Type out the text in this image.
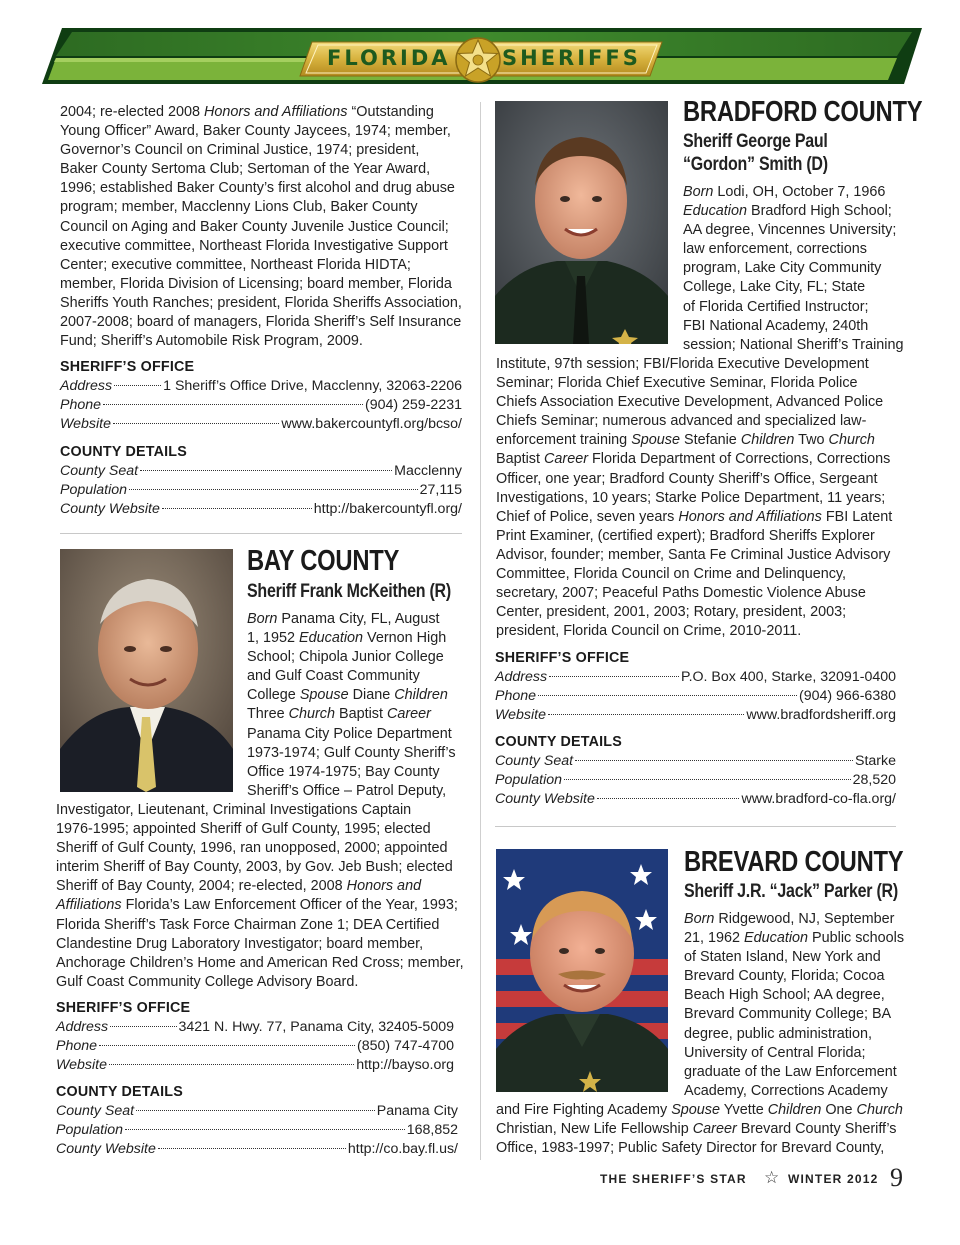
FLORIDA SHERIFFS
2004; re-elected 2008 Honors and Affiliations “Outstanding
Young Officer” Award, Baker County Jaycees, 1974; member,
Governor’s Council on Criminal Justice, 1974; president,
Baker County Sertoma Club; Sertoman of the Year Award,
1996; established Baker County’s first alcohol and drug abuse
program; member, Macclenny Lions Club, Baker County
Council on Aging and Baker County Juvenile Justice Council;
executive committee, Northeast Florida Investigative Support
Center; executive committee, Northeast Florida HIDTA;
member, Florida Division of Licensing; board member, Florida
Sheriffs Youth Ranches; president, Florida Sheriffs Association,
2007-2008; board of managers, Florida Sheriff’s Self Insurance
Fund; Sheriff’s Automobile Risk Program, 2009.
SHERIFF’S OFFICE
Address	1 Sheriff’s Office Drive, Macclenny, 32063-2206
Phone	(904) 259-2231
Website	www.bakercountyfl.org/bcso/
COUNTY DETAILS
County Seat	Macclenny
Population	27,115
County Website	http://bakercountyfl.org/
BAY COUNTY
Sheriff Frank McKeithen (R)
Born Panama City, FL, August
1, 1952 Education Vernon High
School; Chipola Junior College
and Gulf Coast Community
College Spouse Diane Children
Three Church Baptist Career
Panama City Police Department
1973-1974; Gulf County Sheriff’s
Office 1974-1975; Bay County
Sheriff’s Office – Patrol Deputy,
Investigator, Lieutenant, Criminal Investigations Captain
1976-1995; appointed Sheriff of Gulf County, 1995; elected
Sheriff of Gulf County, 1996, ran unopposed, 2000; appointed
interim Sheriff of Bay County, 2003, by Gov. Jeb Bush; elected
Sheriff of Bay County, 2004; re-elected, 2008 Honors and
Affiliations Florida’s Law Enforcement Officer of the Year, 1993;
Florida Sheriff’s Task Force Chairman Zone 1; DEA Certified
Clandestine Drug Laboratory Investigator; board member,
Anchorage Children’s Home and American Red Cross; member,
Gulf Coast Community College Advisory Board.
SHERIFF’S OFFICE
Address	3421 N. Hwy. 77, Panama City, 32405-5009
Phone	(850) 747-4700
Website	http://bayso.org
COUNTY DETAILS
County Seat	Panama City
Population	168,852
County Website	http://co.bay.fl.us/
BRADFORD COUNTY
Sheriff George Paul
“Gordon” Smith (D)
Born Lodi, OH, October 7, 1966
Education Bradford High School;
AA degree, Vincennes University;
law enforcement, corrections
program, Lake City Community
College, Lake City, FL; State
of Florida Certified Instructor;
FBI National Academy, 240th
session; National Sheriff’s Training
Institute, 97th session; FBI/Florida Executive Development
Seminar; Florida Chief Executive Seminar, Florida Police
Chiefs Association Executive Development, Advanced Police
Chiefs Seminar; numerous advanced and specialized law-
enforcement training Spouse Stefanie Children Two Church
Baptist Career Florida Department of Corrections, Corrections
Officer, one year; Bradford County Sheriff’s Office, Sergeant
Investigations, 10 years; Starke Police Department, 11 years;
Chief of Police, seven years Honors and Affiliations FBI Latent
Print Examiner, (certified expert); Bradford Sheriffs Explorer
Advisor, founder; member, Santa Fe Criminal Justice Advisory
Committee, Florida Council on Crime and Delinquency,
secretary, 2007; Peaceful Paths Domestic Violence Abuse
Center, president, 2001, 2003; Rotary, president, 2003;
president, Florida Council on Crime, 2010-2011.
SHERIFF’S OFFICE
Address	P.O. Box 400, Starke, 32091-0400
Phone	(904) 966-6380
Website	www.bradfordsheriff.org
COUNTY DETAILS
County Seat	Starke
Population	28,520
County Website	www.bradford-co-fla.org/
BREVARD COUNTY
Sheriff J.R. “Jack” Parker (R)
Born Ridgewood, NJ, September
21, 1962 Education Public schools
of Staten Island, New York and
Brevard County, Florida; Cocoa
Beach High School; AA degree,
Brevard Community College; BA
degree, public administration,
University of Central Florida;
graduate of the Law Enforcement
Academy, Corrections Academy
and Fire Fighting Academy Spouse Yvette Children One Church
Christian, New Life Fellowship Career Brevard County Sheriff’s
Office, 1983-1997; Public Safety Director for Brevard County,
THE SHERIFF’S STAR ☆ WINTER 2012 9
